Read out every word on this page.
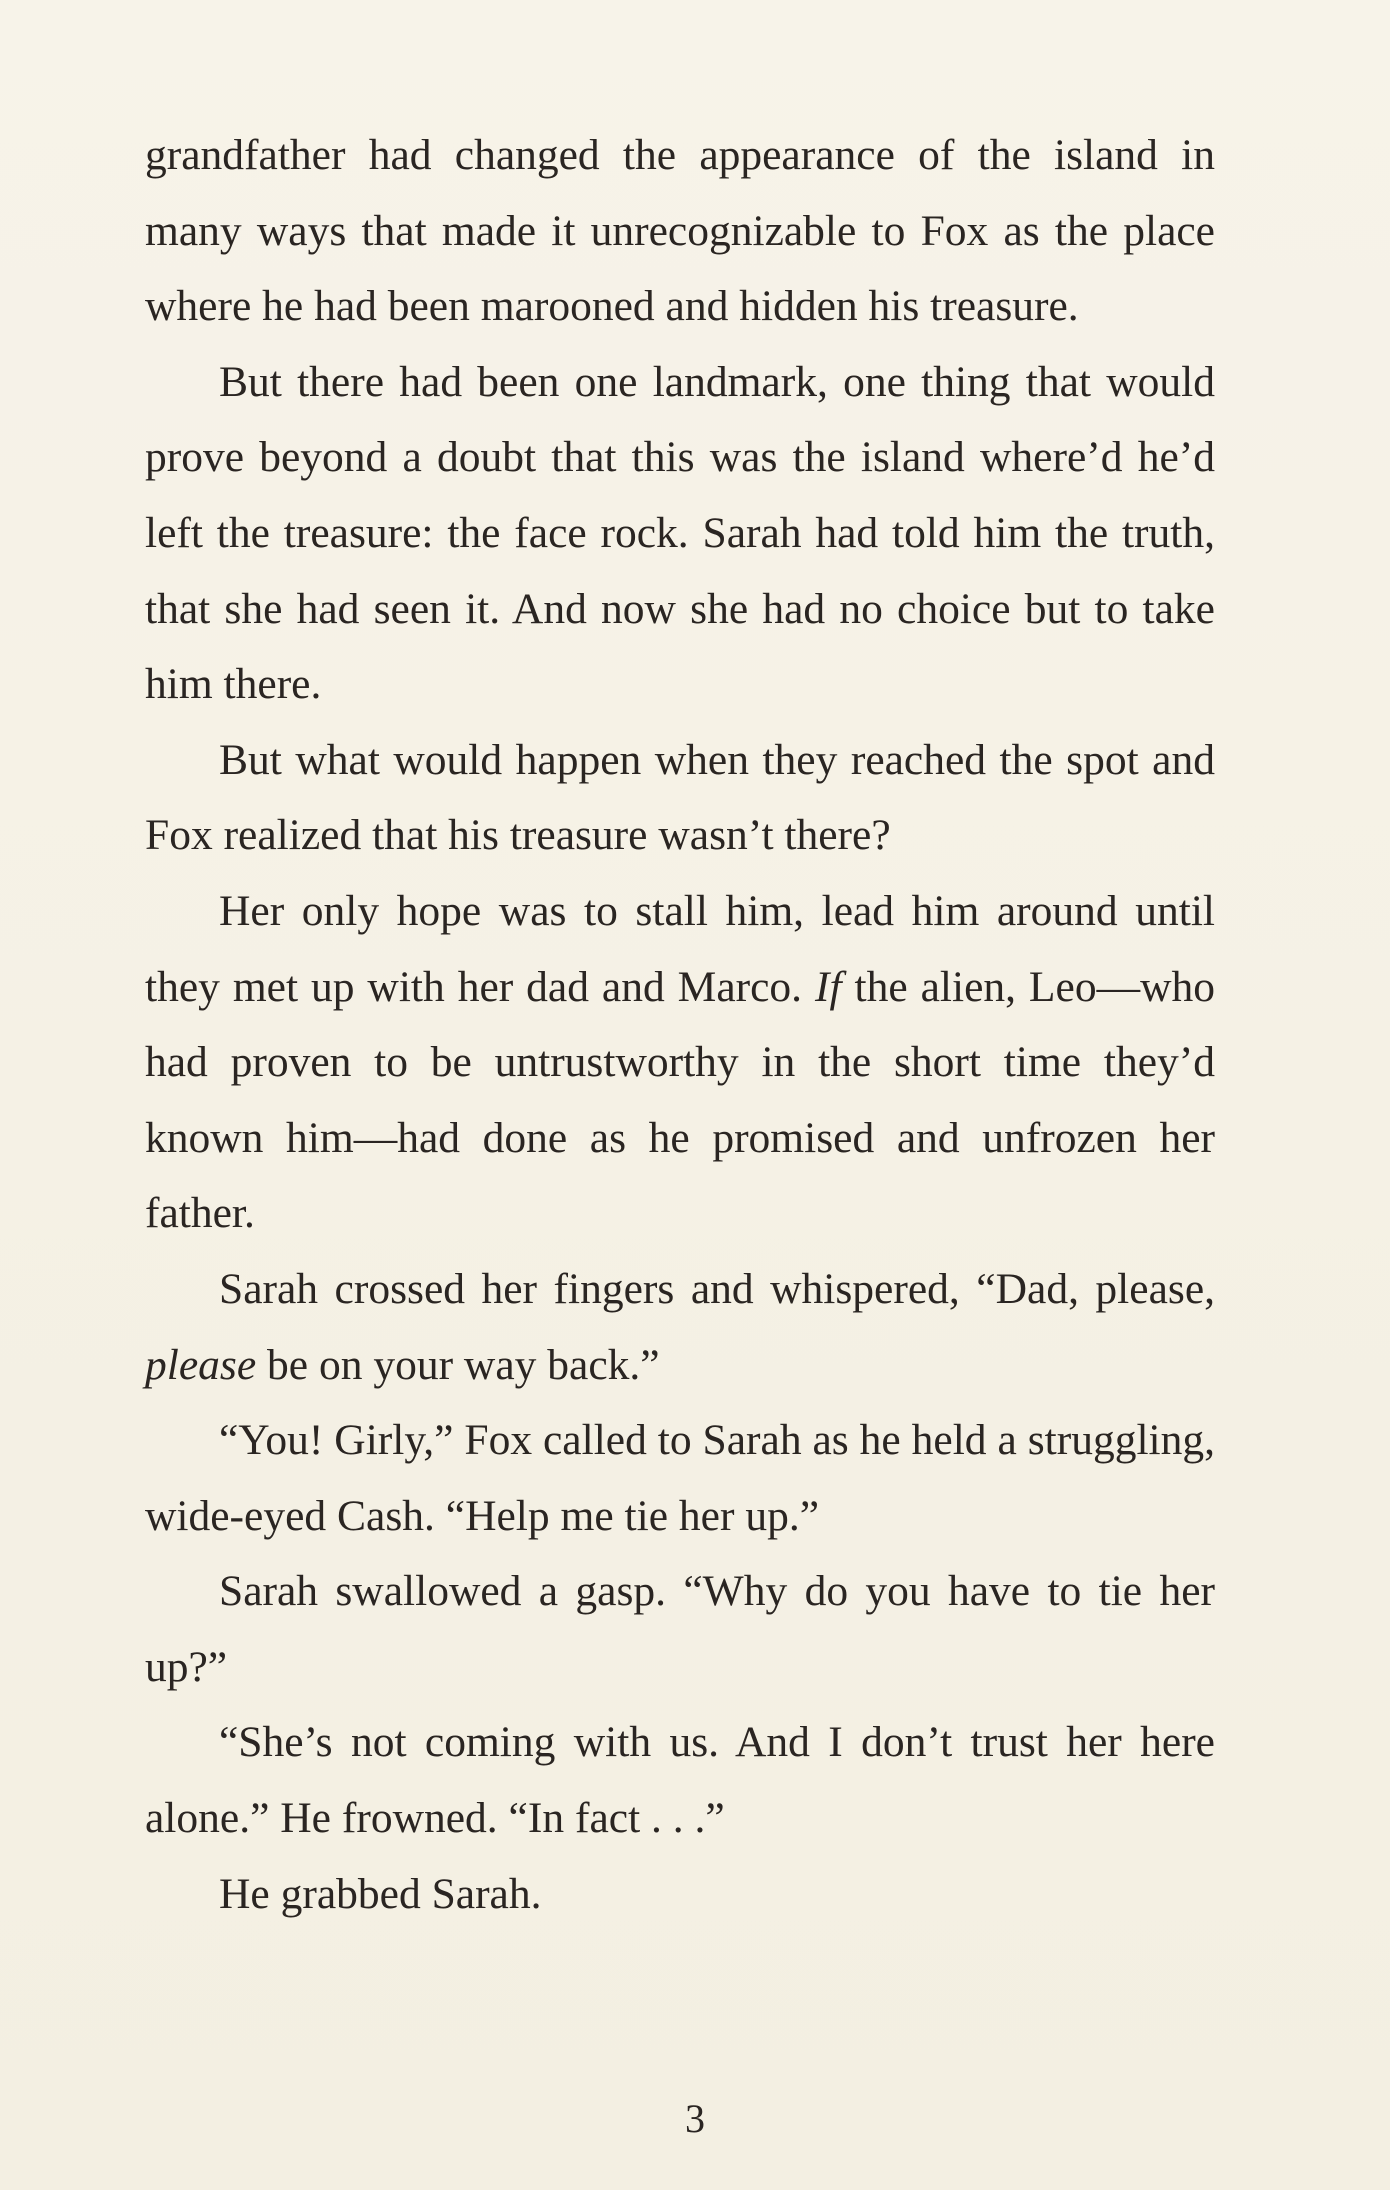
grandfather had changed the appearance of the island in many ways that made it unrecognizable to Fox as the place where he had been marooned and hidden his treasure.

But there had been one landmark, one thing that would prove beyond a doubt that this was the island where’d he’d left the treasure: the face rock. Sarah had told him the truth, that she had seen it. And now she had no choice but to take him there.

But what would happen when they reached the spot and Fox realized that his treasure wasn’t there?

Her only hope was to stall him, lead him around until they met up with her dad and Marco. If the alien, Leo—who had proven to be untrustworthy in the short time they’d known him—had done as he promised and unfrozen her father.

Sarah crossed her fingers and whispered, “Dad, please, please be on your way back.”

“You! Girly,” Fox called to Sarah as he held a struggling, wide-eyed Cash. “Help me tie her up.”

Sarah swallowed a gasp. “Why do you have to tie her up?”

“She’s not coming with us. And I don’t trust her here alone.” He frowned. “In fact . . .”

He grabbed Sarah.

3
